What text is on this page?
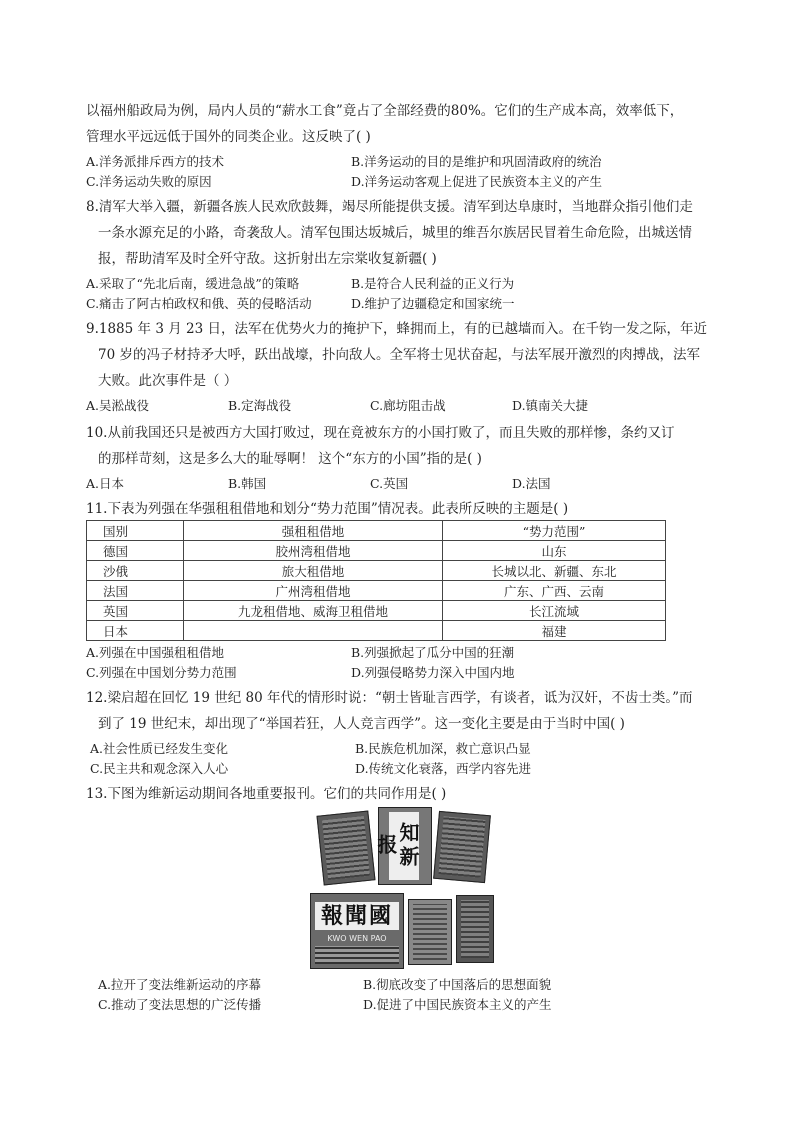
以福州船政局为例，局内人员的“薪水工食”竟占了全部经费的80%。它们的生产成本高，效率低下，

管理水平远远低于国外的同类企业。这反映了( )

A.洋务派排斥西方的技术	B.洋务运动的目的是维护和巩固清政府的统治
C.洋务运动失败的原因	D.洋务运动客观上促进了民族资本主义的产生

8.清军大举入疆，新疆各族人民欢欣鼓舞，竭尽所能提供支援。清军到达阜康时，当地群众指引他们走

一条水源充足的小路，奇袭敌人。清军包围达坂城后，城里的维吾尔族居民冒着生命危险，出城送情

报，帮助清军及时全歼守敌。这折射出左宗棠收复新疆( )

A.采取了“先北后南，缓进急战”的策略	B.是符合人民利益的正义行为
C.痛击了阿古柏政权和俄、英的侵略活动	D.维护了边疆稳定和国家统一

9.1885 年 3 月 23 日，法军在优势火力的掩护下，蜂拥而上，有的已越墙而入。在千钧一发之际，年近

70 岁的冯子材持矛大呼，跃出战壕，扑向敌人。全军将士见状奋起，与法军展开激烈的肉搏战，法军

大败。此次事件是（ ）

A.吴淞战役	B.定海战役	C.廊坊阻击战	D.镇南关大捷

10.从前我国还只是被西方大国打败过，现在竟被东方的小国打败了，而且失败的那样惨，条约又订

的那样苛刻，这是多么大的耻辱啊！ 这个“东方的小国”指的是( )

A.日本	B.韩国	C.英国	D.法国

11.下表为列强在华强租租借地和划分“势力范围”情况表。此表所反映的主题是( )

国别	强租租借地	“势力范围”
德国	胶州湾租借地	山东
沙俄	旅大租借地	长城以北、新疆、东北
法国	广州湾租借地	广东、广西、云南
英国	九龙租借地、威海卫租借地	长江流域
日本		福建
A.列强在中国强租租借地	B.列强掀起了瓜分中国的狂潮
C.列强在中国划分势力范围	D.列强侵略势力深入中国内地

12.梁启超在回忆 19 世纪 80 年代的情形时说：“朝士皆耻言西学，有谈者，诋为汉奸，不齿士类。”而

到了 19 世纪末，却出现了“举国若狂，人人竞言西学”。这一变化主要是由于当时中国( )

A.社会性质已经发生变化	B.民族危机加深，救亡意识凸显
C.民主共和观念深入人心	D.传统文化衰落，西学内容先进

13.下图为维新运动期间各地重要报刊。它们的共同作用是( )

知新报
報聞國
KWO WEN PAO
A.拉开了变法维新运动的序幕	B.彻底改变了中国落后的思想面貌
C.推动了变法思想的广泛传播	D.促进了中国民族资本主义的产生
